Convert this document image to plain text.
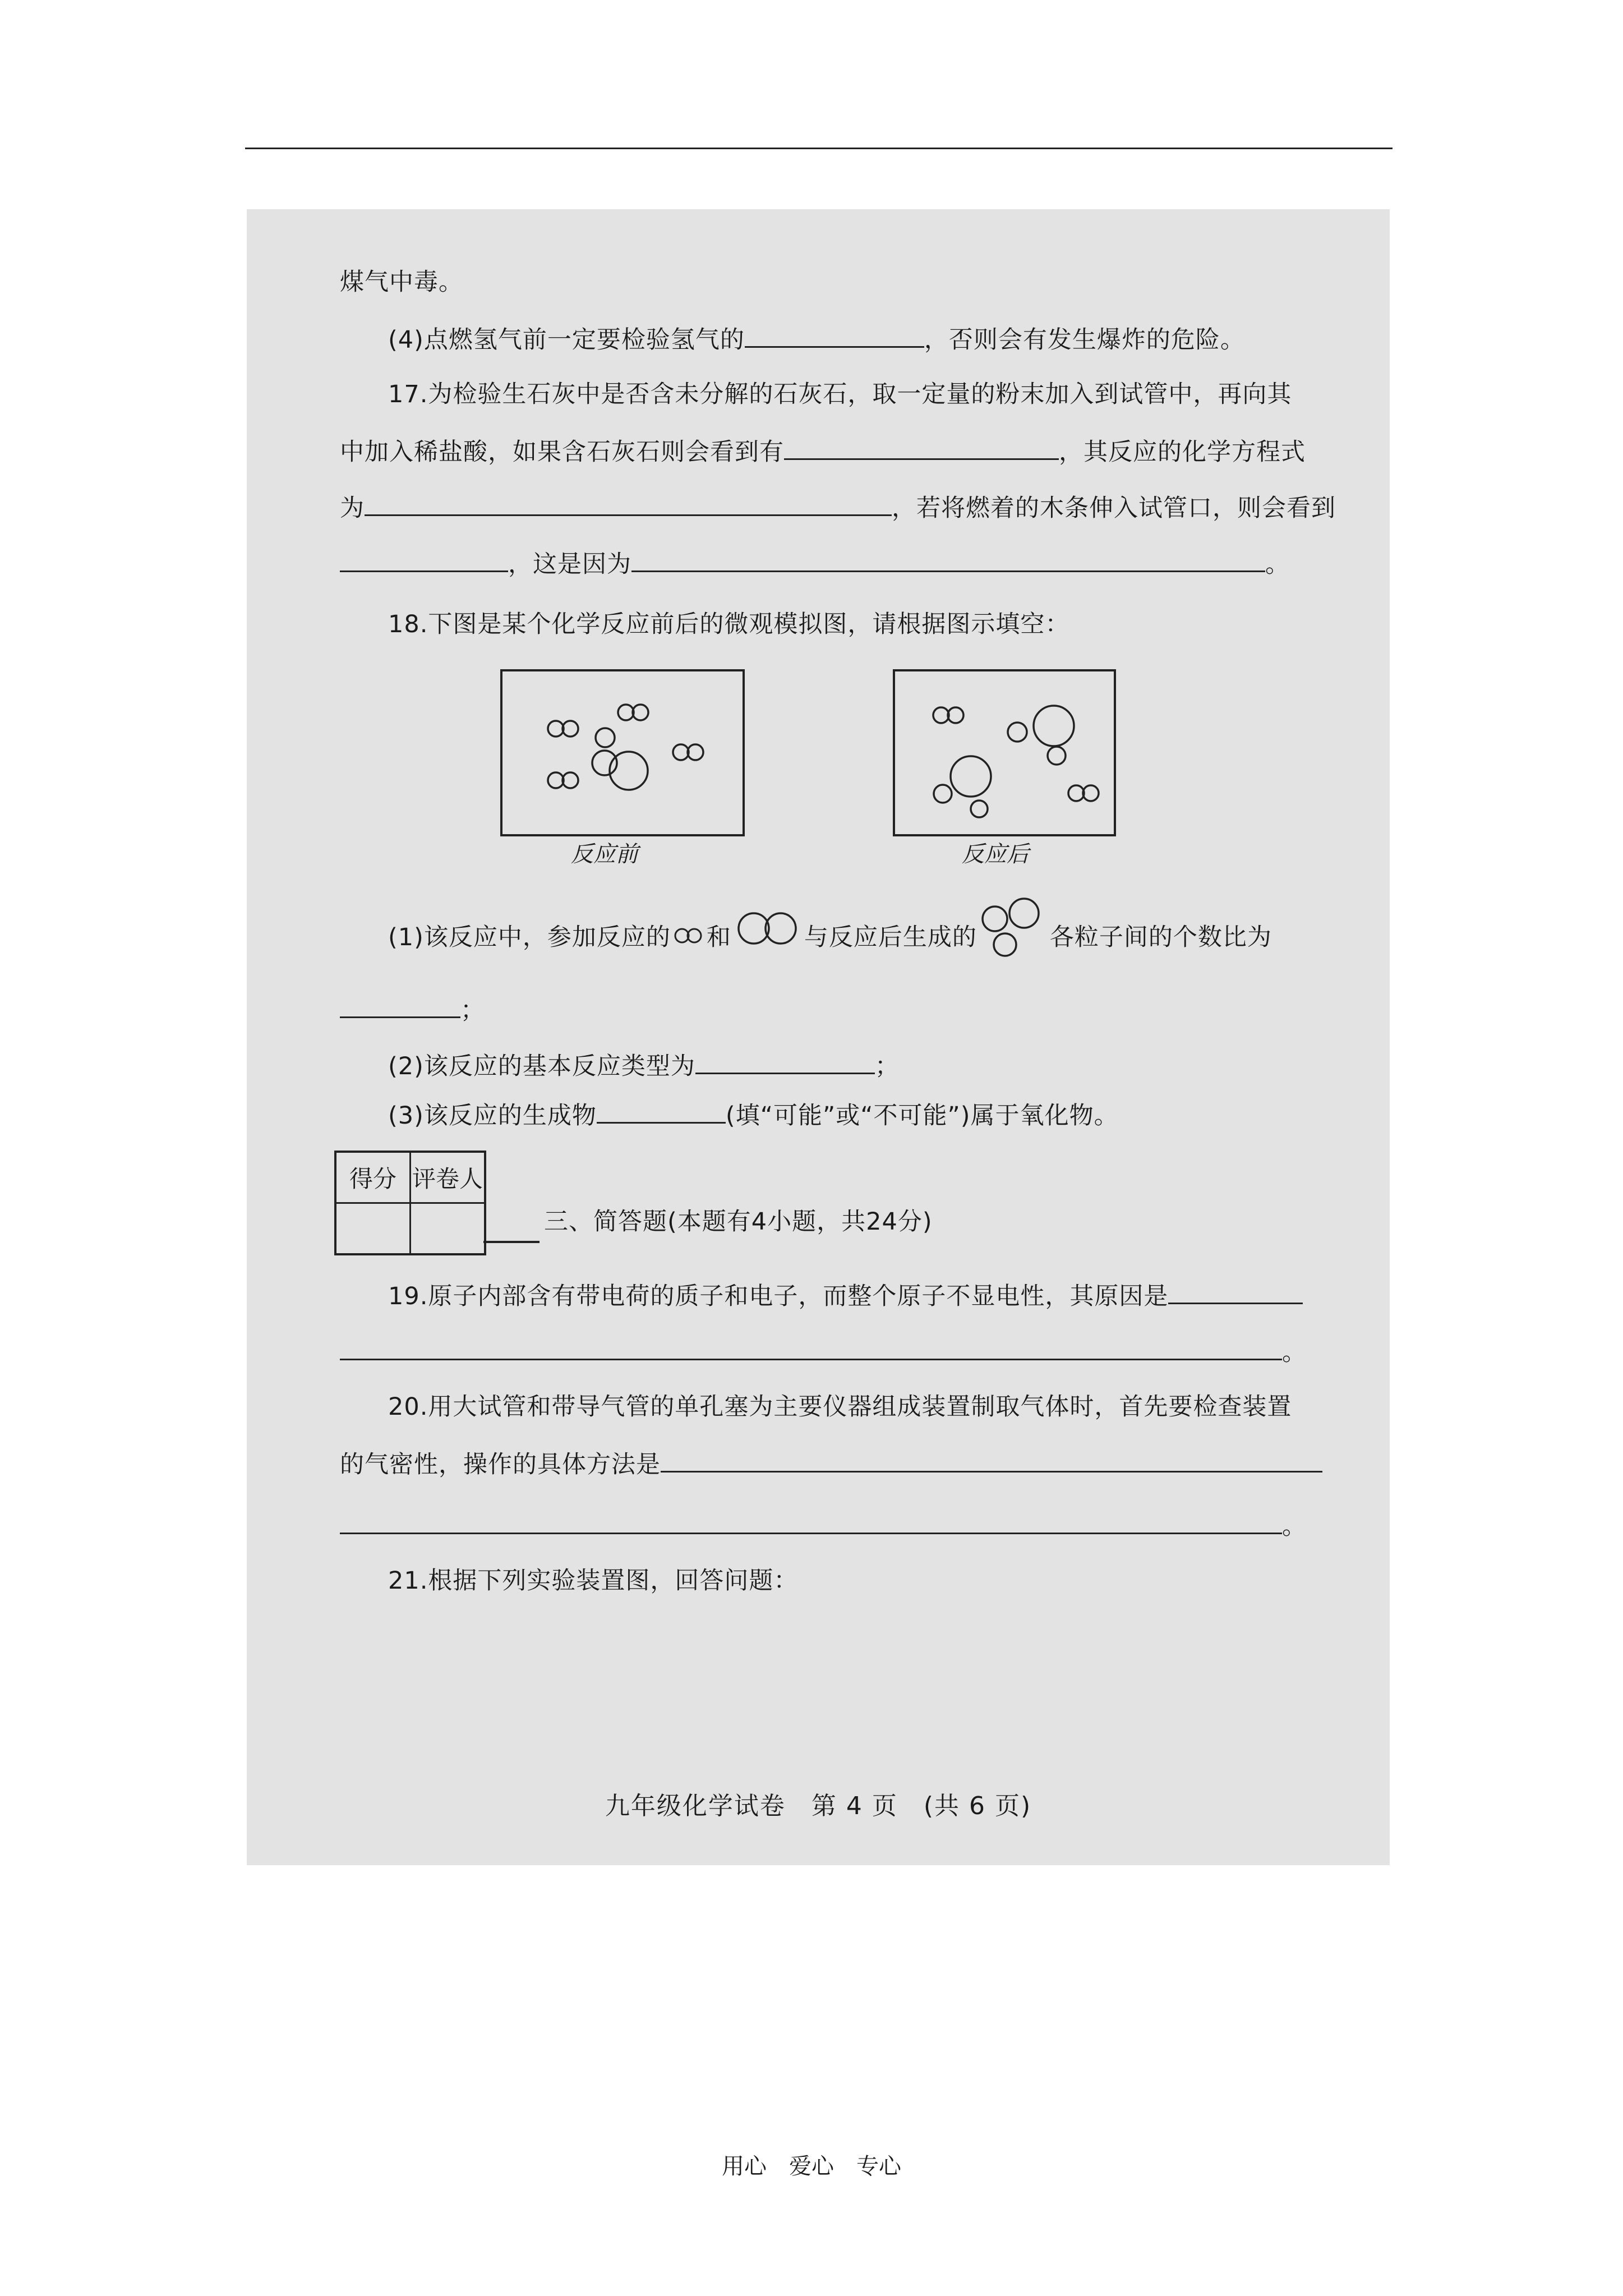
煤气中毒。
(4)点燃氢气前一定要检验氢气的	，否则会有发生爆炸的危险。
17.为检验生石灰中是否含未分解的石灰石，取一定量的粉末加入到试管中，再向其
中加入稀盐酸，如果含石灰石则会看到有	，其反应的化学方程式
为	，若将燃着的木条伸入试管口，则会看到
，这是因为	。
18.下图是某个化学反应前后的微观模拟图，请根据图示填空：
反应前	反应后
(1)该反应中，参加反应的 和	与反应后生成的	各粒子间的个数比为
；
(2)该反应的基本反应类型为	；
(3)该反应的生成物	(填“可能”或“不可能”)属于氧化物。
得分	评卷人

三、简答题(本题有4小题，共24分)
19.原子内部含有带电荷的质子和电子，而整个原子不显电性，其原因是
。
20.用大试管和带导气管的单孔塞为主要仪器组成装置制取气体时，首先要检查装置
的气密性，操作的具体方法是
。
21.根据下列实验装置图，回答问题：
九年级化学试卷　第 4 页　(共 6 页)
用心　爱心　专心
